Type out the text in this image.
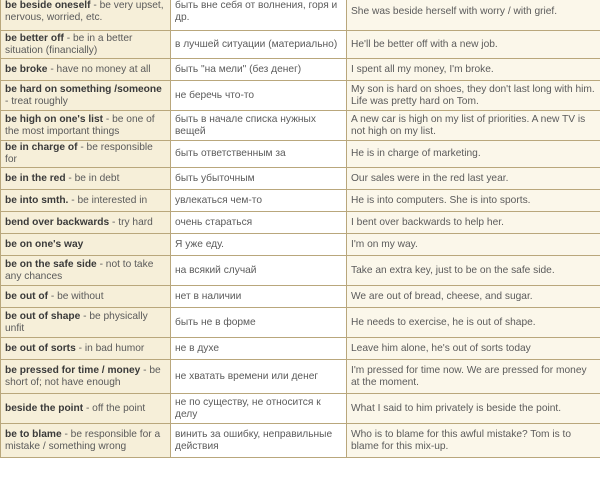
be beside oneself - be very upset, nervous, worried, etc.	быть вне себя от волнения, горя и др.	She was beside herself with worry / with grief.
be better off - be in a better situation (financially)	в лучшей ситуации (материально)	He'll be better off with a new job.
be broke - have no money at all	быть "на мели" (без денег)	I spent all my money, I'm broke.
be hard on something /someone - treat roughly	не беречь что-то	My son is hard on shoes, they don't last long with him. Life was pretty hard on Tom.
be high on one's list - be one of the most important things	быть в начале списка нужных вещей	A new car is high on my list of priorities. A new TV is not high on my list.
be in charge of - be responsible for	быть ответственным за	He is in charge of marketing.
be in the red - be in debt	быть убыточным	Our sales were in the red last year.
be into smth. - be interested in	увлекаться чем-то	He is into computers. She is into sports.
bend over backwards - try hard	очень стараться	I bent over backwards to help her.
be on one's way	Я уже еду.	I'm on my way.
be on the safe side - not to take any chances	на всякий случай	Take an extra key, just to be on the safe side.
be out of - be without	нет в наличии	We are out of bread, cheese, and sugar.
be out of shape - be physically unfit	быть не в форме	He needs to exercise, he is out of shape.
be out of sorts - in bad humor	не в духе	Leave him alone, he's out of sorts today
be pressed for time / money - be short of; not have enough	не хватать времени или денег	I'm pressed for time now. We are pressed for money at the moment.
beside the point - off the point	не по существу, не относится к делу	What I said to him privately is beside the point.
be to blame - be responsible for a mistake / something wrong	винить за ошибку, неправильные действия	Who is to blame for this awful mistake? Tom is to blame for this mix-up.
